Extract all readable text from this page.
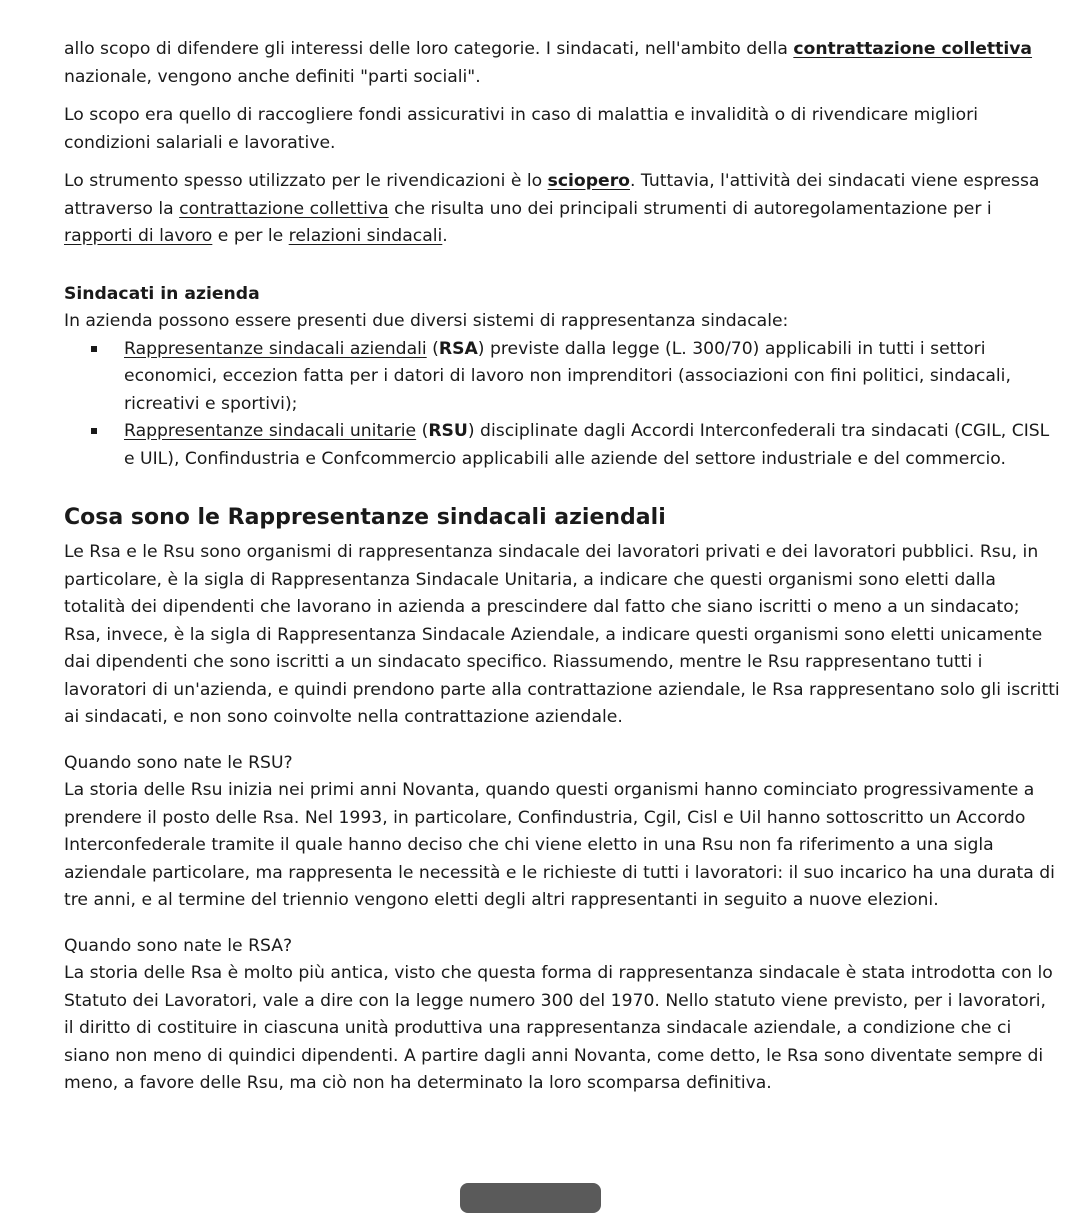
allo scopo di difendere gli interessi delle loro categorie. I sindacati, nell'ambito della contrattazione collettiva nazionale, vengono anche definiti "parti sociali".

Lo scopo era quello di raccogliere fondi assicurativi in caso di malattia e invalidità o di rivendicare migliori condizioni salariali e lavorative.

Lo strumento spesso utilizzato per le rivendicazioni è lo sciopero. Tuttavia, l'attività dei sindacati viene espressa attraverso la contrattazione collettiva che risulta uno dei principali strumenti di autoregolamentazione per i rapporti di lavoro e per le relazioni sindacali.

Sindacati in azienda

In azienda possono essere presenti due diversi sistemi di rappresentanza sindacale:

Rappresentanze sindacali aziendali (RSA) previste dalla legge (L. 300/70) applicabili in tutti i settori economici, eccezion fatta per i datori di lavoro non imprenditori (associazioni con fini politici, sindacali, ricreativi e sportivi);
Rappresentanze sindacali unitarie (RSU) disciplinate dagli Accordi Interconfederali tra sindacati (CGIL, CISL e UIL), Confindustria e Confcommercio applicabili alle aziende del settore industriale e del commercio.
Cosa sono le Rappresentanze sindacali aziendali

Le Rsa e le Rsu sono organismi di rappresentanza sindacale dei lavoratori privati e dei lavoratori pubblici. Rsu, in particolare, è la sigla di Rappresentanza Sindacale Unitaria, a indicare che questi organismi sono eletti dalla totalità dei dipendenti che lavorano in azienda a prescindere dal fatto che siano iscritti o meno a un sindacato; Rsa, invece, è la sigla di Rappresentanza Sindacale Aziendale, a indicare questi organismi sono eletti unicamente dai dipendenti che sono iscritti a un sindacato specifico. Riassumendo, mentre le Rsu rappresentano tutti i lavoratori di un'azienda, e quindi prendono parte alla contrattazione aziendale, le Rsa rappresentano solo gli iscritti ai sindacati, e non sono coinvolte nella contrattazione aziendale.

Quando sono nate le RSU?

La storia delle Rsu inizia nei primi anni Novanta, quando questi organismi hanno cominciato progressivamente a prendere il posto delle Rsa. Nel 1993, in particolare, Confindustria, Cgil, Cisl e Uil hanno sottoscritto un Accordo Interconfederale tramite il quale hanno deciso che chi viene eletto in una Rsu non fa riferimento a una sigla aziendale particolare, ma rappresenta le necessità e le richieste di tutti i lavoratori: il suo incarico ha una durata di tre anni, e al termine del triennio vengono eletti degli altri rappresentanti in seguito a nuove elezioni.

Quando sono nate le RSA?

La storia delle Rsa è molto più antica, visto che questa forma di rappresentanza sindacale è stata introdotta con lo Statuto dei Lavoratori, vale a dire con la legge numero 300 del 1970. Nello statuto viene previsto, per i lavoratori, il diritto di costituire in ciascuna unità produttiva una rappresentanza sindacale aziendale, a condizione che ci siano non meno di quindici dipendenti. A partire dagli anni Novanta, come detto, le Rsa sono diventate sempre di meno, a favore delle Rsu, ma ciò non ha determinato la loro scomparsa definitiva.
